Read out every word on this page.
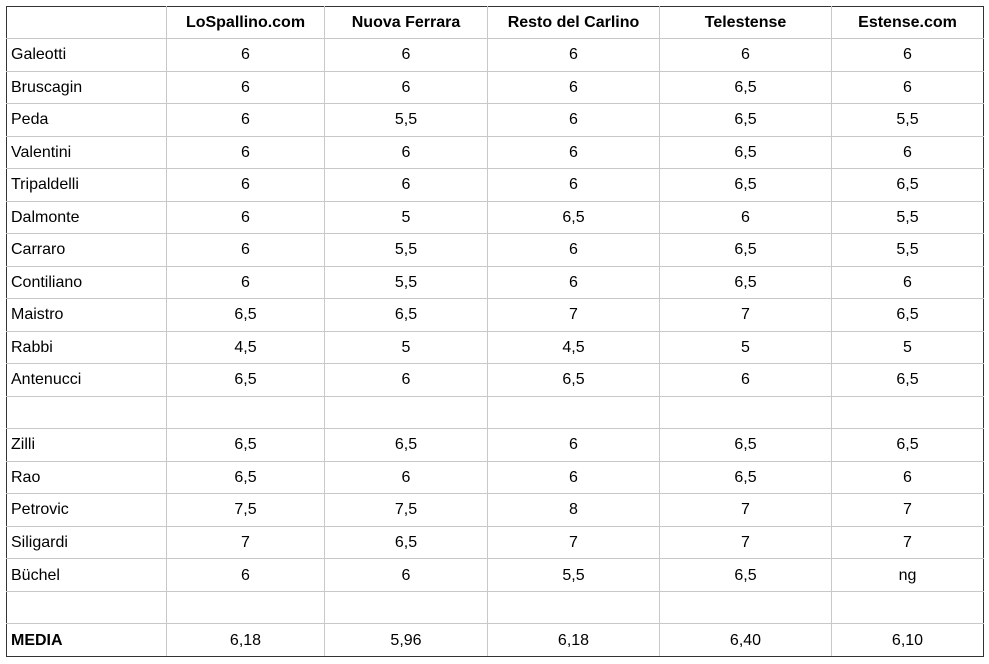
	LoSpallino.com	Nuova Ferrara	Resto del Carlino	Telestense	Estense.com
Galeotti	6	6	6	6	6
Bruscagin	6	6	6	6,5	6
Peda	6	5,5	6	6,5	5,5
Valentini	6	6	6	6,5	6
Tripaldelli	6	6	6	6,5	6,5
Dalmonte	6	5	6,5	6	5,5
Carraro	6	5,5	6	6,5	5,5
Contiliano	6	5,5	6	6,5	6
Maistro	6,5	6,5	7	7	6,5
Rabbi	4,5	5	4,5	5	5
Antenucci	6,5	6	6,5	6	6,5

Zilli	6,5	6,5	6	6,5	6,5
Rao	6,5	6	6	6,5	6
Petrovic	7,5	7,5	8	7	7
Siligardi	7	6,5	7	7	7
Büchel	6	6	5,5	6,5	ng

MEDIA	6,18	5,96	6,18	6,40	6,10
